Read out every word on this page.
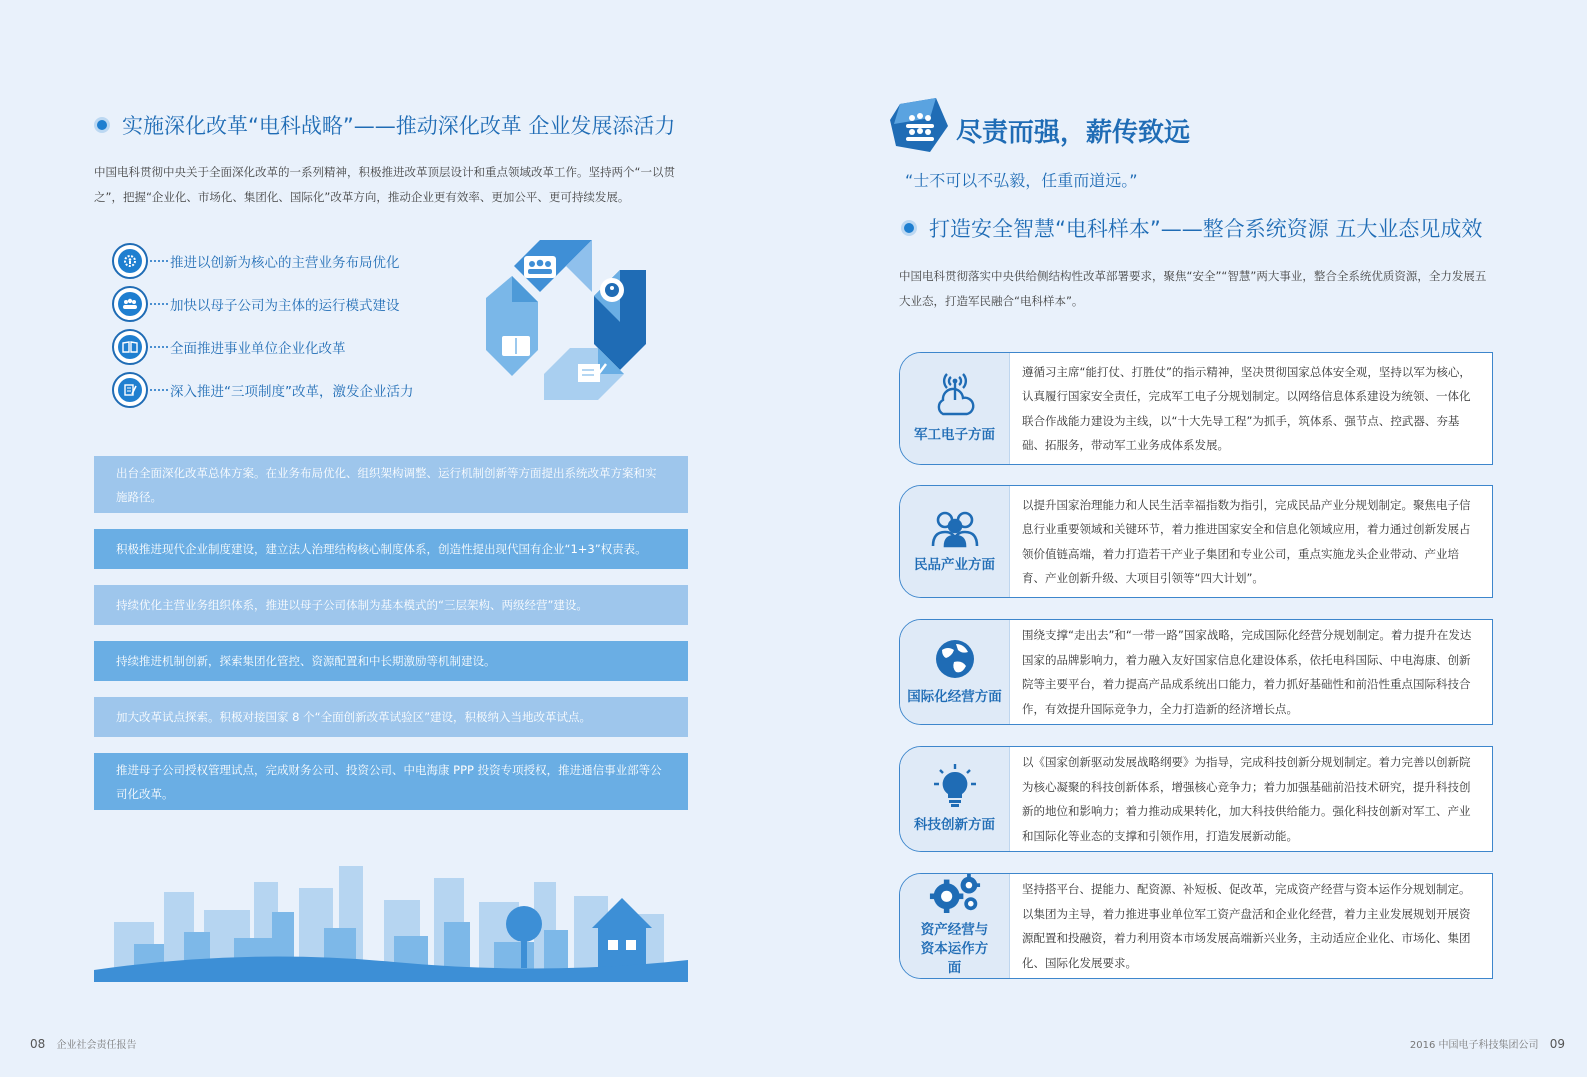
实施深化改革“电科战略”——推动深化改革 企业发展添活力
中国电科贯彻中央关于全面深化改革的一系列精神，积极推进改革顶层设计和重点领域改革工作。坚持两个“一以贯之”，把握“企业化、市场化、集团化、国际化”改革方向，推动企业更有效率、更加公平、更可持续发展。
推进以创新为核心的主营业务布局优化
加快以母子公司为主体的运行模式建设
全面推进事业单位企业化改革
深入推进“三项制度”改革，激发企业活力
出台全面深化改革总体方案。在业务布局优化、组织架构调整、运行机制创新等方面提出系统改革方案和实施路径。
积极推进现代企业制度建设，建立法人治理结构核心制度体系，创造性提出现代国有企业“1+3”权责表。
持续优化主营业务组织体系，推进以母子公司体制为基本模式的“三层架构、两级经营”建设。
持续推进机制创新，探索集团化管控、资源配置和中长期激励等机制建设。
加大改革试点探索。积极对接国家 8 个“全面创新改革试验区”建设，积极纳入当地改革试点。
推进母子公司授权管理试点，完成财务公司、投资公司、中电海康 PPP 投资专项授权，推进通信事业部等公司化改革。
08 企业社会责任报告
尽责而强，薪传致远
“士不可以不弘毅，任重而道远。”
打造安全智慧“电科样本”——整合系统资源 五大业态见成效
中国电科贯彻落实中央供给侧结构性改革部署要求，聚焦“安全”“智慧”两大事业，整合全系统优质资源，全力发展五大业态，打造军民融合“电科样本”。
军工电子方面
遵循习主席“能打仗、打胜仗”的指示精神，坚决贯彻国家总体安全观，坚持以军为核心，认真履行国家安全责任，完成军工电子分规划制定。以网络信息体系建设为统领、一体化联合作战能力建设为主线，以“十大先导工程”为抓手，筑体系、强节点、控武器、夯基础、拓服务，带动军工业务成体系发展。
民品产业方面
以提升国家治理能力和人民生活幸福指数为指引，完成民品产业分规划制定。聚焦电子信息行业重要领域和关键环节，着力推进国家安全和信息化领域应用，着力通过创新发展占领价值链高端，着力打造若干产业子集团和专业公司，重点实施龙头企业带动、产业培育、产业创新升级、大项目引领等“四大计划”。
国际化经营方面
围绕支撑“走出去”和“一带一路”国家战略，完成国际化经营分规划制定。着力提升在发达国家的品牌影响力，着力融入友好国家信息化建设体系，依托电科国际、中电海康、创新院等主要平台，着力提高产品成系统出口能力，着力抓好基础性和前沿性重点国际科技合作，有效提升国际竞争力，全力打造新的经济增长点。
科技创新方面
以《国家创新驱动发展战略纲要》为指导，完成科技创新分规划制定。着力完善以创新院为核心凝聚的科技创新体系，增强核心竞争力；着力加强基础前沿技术研究，提升科技创新的地位和影响力；着力推动成果转化，加大科技供给能力。强化科技创新对军工、产业和国际化等业态的支撑和引领作用，打造发展新动能。
资产经营与资本运作方面
坚持搭平台、提能力、配资源、补短板、促改革，完成资产经营与资本运作分规划制定。以集团为主导，着力推进事业单位军工资产盘活和企业化经营，着力主业发展规划开展资源配置和投融资，着力利用资本市场发展高端新兴业务，主动适应企业化、市场化、集团化、国际化发展要求。
2016 中国电子科技集团公司 09
